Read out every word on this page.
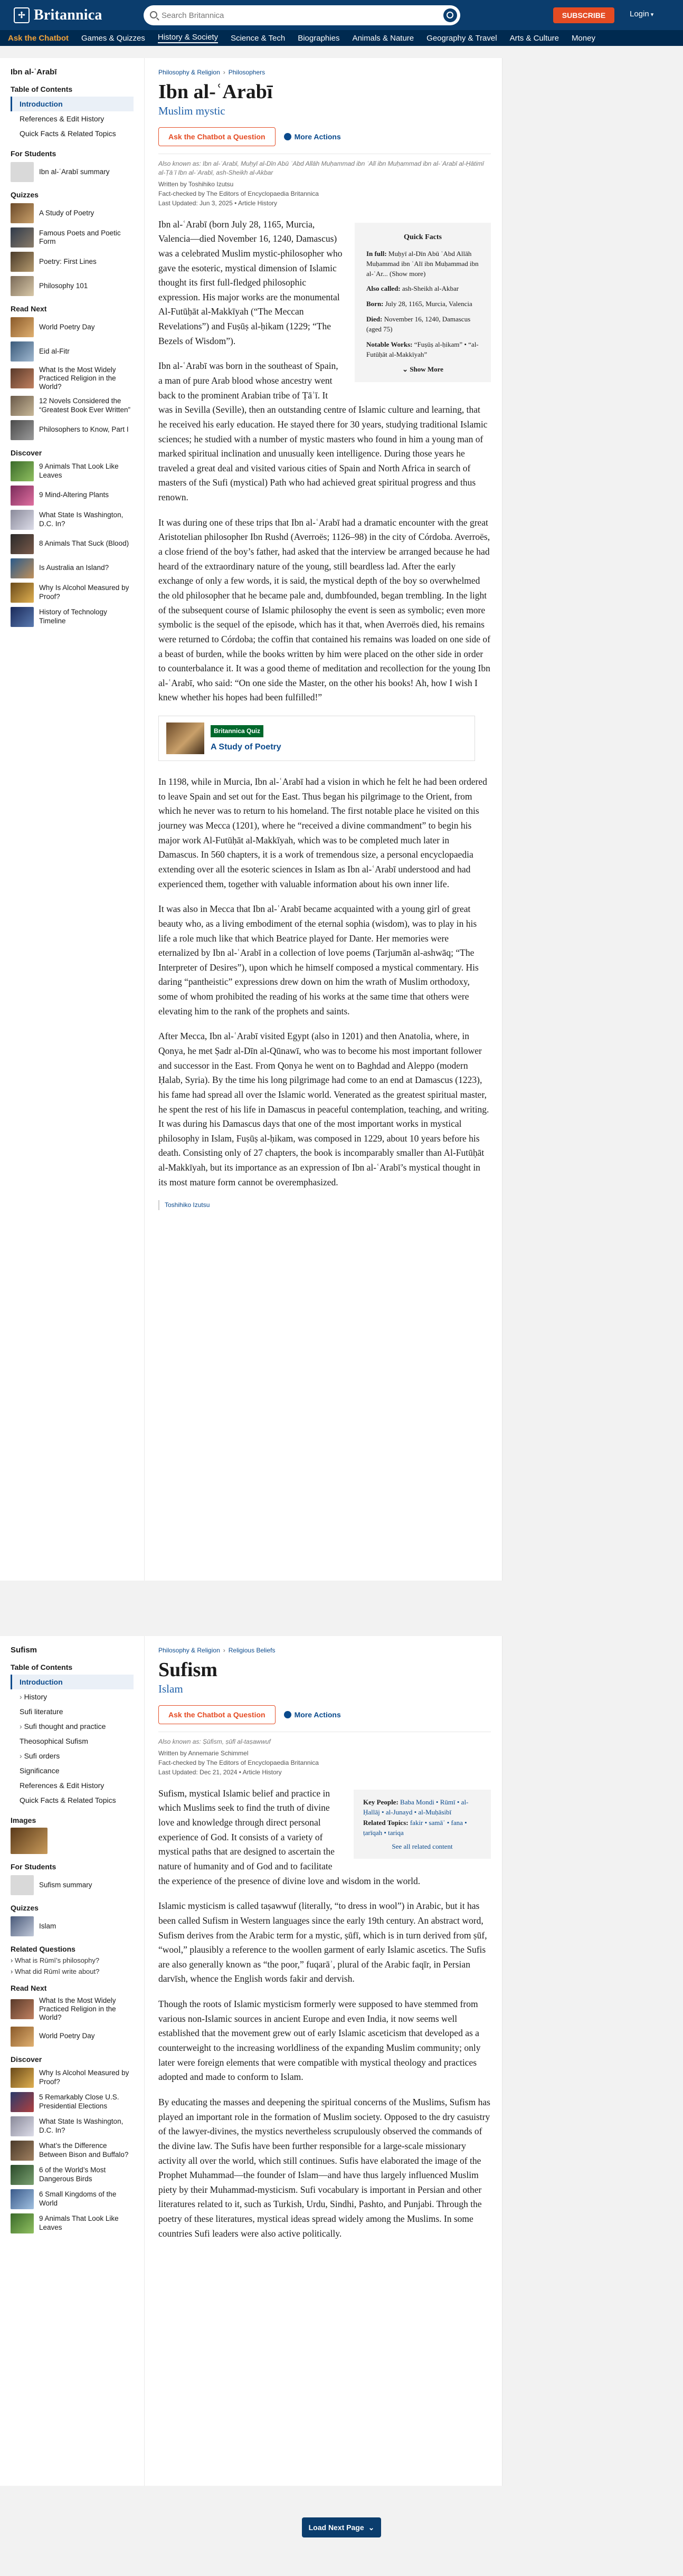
✢ Britannica	Search Britannica	SUBSCRIBE	Login ▾
Ask the Chatbot Games & Quizzes History & Society Science & Tech Biographies Animals & Nature Geography & Travel Arts & Culture Money
Ibn al-ʿArabī
Table of Contents
Introduction
References & Edit History
Quick Facts & Related Topics
For Students
Ibn al-ʿArabī summary
Quizzes
A Study of Poetry
Famous Poets and Poetic Form
Poetry: First Lines
Philosophy 101
Read Next
World Poetry Day
Eid al-Fitr
What Is the Most Widely Practiced Religion in the World?
12 Novels Considered the “Greatest Book Ever Written”
Philosophers to Know, Part I
Discover
9 Animals That Look Like Leaves
9 Mind-Altering Plants
What State Is Washington, D.C. In?
8 Animals That Suck (Blood)
Is Australia an Island?
Why Is Alcohol Measured by Proof?
History of Technology Timeline
Philosophy & Religion › Philosophers
Ibn al-ʿArabī
Muslim mystic
Ask the Chatbot a Question	More Actions
Also known as: Ibn al-ʿArabī, Muḥyī al-Dīn Abū ʿAbd Allāh Muḥammad ibn ʿAlī ibn Muḥammad ibn al-ʿArabī al-Ḥātimī al-Ṭāʾī Ibn al-ʿArabī, ash-Sheikh al-Akbar
Written by Toshihiko Izutsu
Fact-checked by The Editors of Encyclopaedia Britannica
Last Updated: Jun 3, 2025 • Article History
Quick Facts
In full: Muḥyī al-Dīn Abū ʿAbd Allāh Muḥammad ibn ʿAlī ibn Muḥammad ibn al-ʿAr... (Show more)
Also called: ash-Sheikh al-Akbar
Born: July 28, 1165, Murcia, Valencia
Died: November 16, 1240, Damascus (aged 75)
Notable Works: “Fuṣūṣ al-ḥikam” • “al-Futūḥāt al-Makkīyah”
⌄ Show More

Ibn al-ʿArabī (born July 28, 1165, Murcia, Valencia—died November 16, 1240, Damascus) was a celebrated Muslim mystic-philosopher who gave the esoteric, mystical dimension of Islamic thought its first full-fledged philosophic expression. His major works are the monumental Al-Futūḥāt al-Makkīyah (“The Meccan Revelations”) and Fuṣūṣ al-ḥikam (1229; “The Bezels of Wisdom”).

Ibn al-ʿArabī was born in the southeast of Spain, a man of pure Arab blood whose ancestry went back to the prominent Arabian tribe of Ṭāʾī. It was in Sevilla (Seville), then an outstanding centre of Islamic culture and learning, that he received his early education. He stayed there for 30 years, studying traditional Islamic sciences; he studied with a number of mystic masters who found in him a young man of marked spiritual inclination and unusually keen intelligence. During those years he traveled a great deal and visited various cities of Spain and North Africa in search of masters of the Sufi (mystical) Path who had achieved great spiritual progress and thus renown.

It was during one of these trips that Ibn al-ʿArabī had a dramatic encounter with the great Aristotelian philosopher Ibn Rushd (Averroës; 1126–98) in the city of Córdoba. Averroës, a close friend of the boy’s father, had asked that the interview be arranged because he had heard of the extraordinary nature of the young, still beardless lad. After the early exchange of only a few words, it is said, the mystical depth of the boy so overwhelmed the old philosopher that he became pale and, dumbfounded, began trembling. In the light of the subsequent course of Islamic philosophy the event is seen as symbolic; even more symbolic is the sequel of the episode, which has it that, when Averroës died, his remains were returned to Córdoba; the coffin that contained his remains was loaded on one side of a beast of burden, while the books written by him were placed on the other side in order to counterbalance it. It was a good theme of meditation and recollection for the young Ibn al-ʿArabī, who said: “On one side the Master, on the other his books! Ah, how I wish I knew whether his hopes had been fulfilled!”

Britannica Quiz
A Study of Poetry

In 1198, while in Murcia, Ibn al-ʿArabī had a vision in which he felt he had been ordered to leave Spain and set out for the East. Thus began his pilgrimage to the Orient, from which he never was to return to his homeland. The first notable place he visited on this journey was Mecca (1201), where he “received a divine commandment” to begin his major work Al-Futūḥāt al-Makkīyah, which was to be completed much later in Damascus. In 560 chapters, it is a work of tremendous size, a personal encyclopaedia extending over all the esoteric sciences in Islam as Ibn al-ʿArabī understood and had experienced them, together with valuable information about his own inner life.

It was also in Mecca that Ibn al-ʿArabī became acquainted with a young girl of great beauty who, as a living embodiment of the eternal sophia (wisdom), was to play in his life a role much like that which Beatrice played for Dante. Her memories were eternalized by Ibn al-ʿArabī in a collection of love poems (Tarjumān al-ashwāq; “The Interpreter of Desires”), upon which he himself composed a mystical commentary. His daring “pantheistic” expressions drew down on him the wrath of Muslim orthodoxy, some of whom prohibited the reading of his works at the same time that others were elevating him to the rank of the prophets and saints.

After Mecca, Ibn al-ʿArabī visited Egypt (also in 1201) and then Anatolia, where, in Qonya, he met Ṣadr al-Dīn al-Qūnawī, who was to become his most important follower and successor in the East. From Qonya he went on to Baghdad and Aleppo (modern Ḥalab, Syria). By the time his long pilgrimage had come to an end at Damascus (1223), his fame had spread all over the Islamic world. Venerated as the greatest spiritual master, he spent the rest of his life in Damascus in peaceful contemplation, teaching, and writing. It was during his Damascus days that one of the most important works in mystical philosophy in Islam, Fuṣūṣ al-ḥikam, was composed in 1229, about 10 years before his death. Consisting only of 27 chapters, the book is incomparably smaller than Al-Futūḥāt al-Makkīyah, but its importance as an expression of Ibn al-ʿArabī’s mystical thought in its most mature form cannot be overemphasized.

Toshihiko Izutsu
Sufism
Table of Contents
Introduction
› History
Sufi literature
› Sufi thought and practice
Theosophical Sufism
› Sufi orders
Significance
References & Edit History
Quick Facts & Related Topics
Images
For Students
Sufism summary
Quizzes
Islam
Related Questions
› What is Rūmī’s philosophy?
› What did Rūmī write about?
Read Next
What Is the Most Widely Practiced Religion in the World?
World Poetry Day
Discover
Why Is Alcohol Measured by Proof?
5 Remarkably Close U.S. Presidential Elections
What State Is Washington, D.C. In?
What’s the Difference Between Bison and Buffalo?
6 of the World’s Most Dangerous Birds
6 Small Kingdoms of the World
9 Animals That Look Like Leaves
Philosophy & Religion › Religious Beliefs
Sufism
Islam
Ask the Chatbot a Question	More Actions
Also known as: Ṣūfism, ṣūfī al-taṣawwuf
Written by Annemarie Schimmel
Fact-checked by The Editors of Encyclopaedia Britannica
Last Updated: Dec 21, 2024 • Article History
Key People: Baba Mondi • Rūmī • al-Ḥallāj • al-Junayd • al-Muḥāsibī
Related Topics: fakir • samāʿ • fana • ṭarīqah • tariqa
See all related content

Sufism, mystical Islamic belief and practice in which Muslims seek to find the truth of divine love and knowledge through direct personal experience of God. It consists of a variety of mystical paths that are designed to ascertain the nature of humanity and of God and to facilitate the experience of the presence of divine love and wisdom in the world.

Islamic mysticism is called taṣawwuf (literally, “to dress in wool”) in Arabic, but it has been called Sufism in Western languages since the early 19th century. An abstract word, Sufism derives from the Arabic term for a mystic, ṣūfī, which is in turn derived from ṣūf, “wool,” plausibly a reference to the woollen garment of early Islamic ascetics. The Sufis are also generally known as “the poor,” fuqarāʾ, plural of the Arabic faqīr, in Persian darvīsh, whence the English words fakir and dervish.

Though the roots of Islamic mysticism formerly were supposed to have stemmed from various non-Islamic sources in ancient Europe and even India, it now seems well established that the movement grew out of early Islamic asceticism that developed as a counterweight to the increasing worldliness of the expanding Muslim community; only later were foreign elements that were compatible with mystical theology and practices adopted and made to conform to Islam.

By educating the masses and deepening the spiritual concerns of the Muslims, Sufism has played an important role in the formation of Muslim society. Opposed to the dry casuistry of the lawyer-divines, the mystics nevertheless scrupulously observed the commands of the divine law. The Sufis have been further responsible for a large-scale missionary activity all over the world, which still continues. Sufis have elaborated the image of the Prophet Muhammad—the founder of Islam—and have thus largely influenced Muslim piety by their Muhammad-mysticism. Sufi vocabulary is important in Persian and other literatures related to it, such as Turkish, Urdu, Sindhi, Pashto, and Punjabi. Through the poetry of these literatures, mystical ideas spread widely among the Muslims. In some countries Sufi leaders were also active politically.

Load Next Page ⌄
